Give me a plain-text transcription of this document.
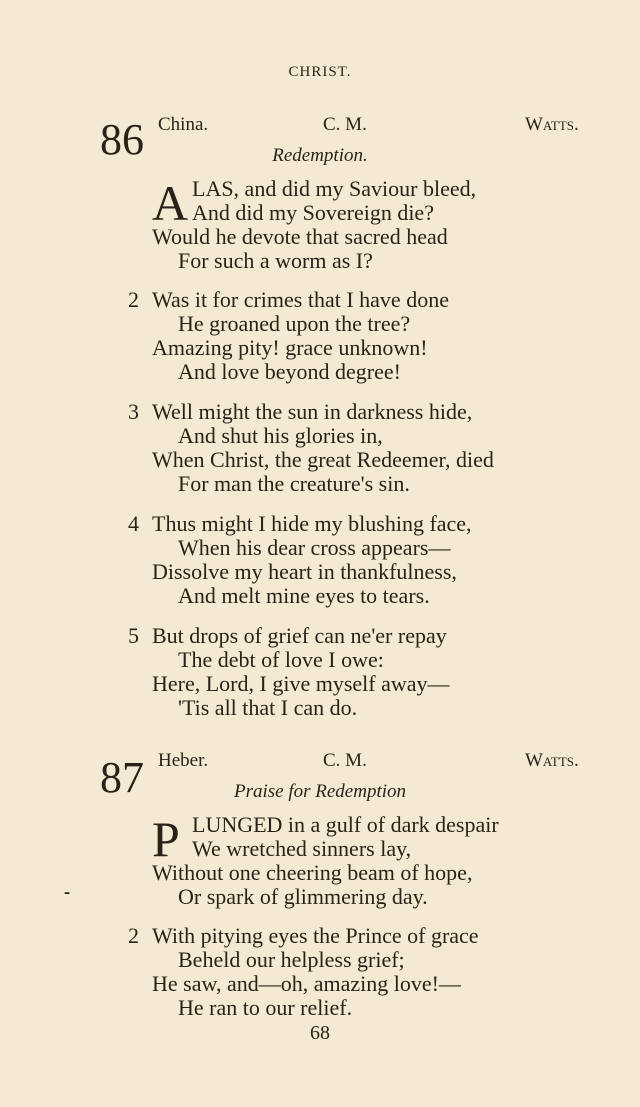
CHRIST.
86 China.	C. M.	Watts.
Redemption.
A LAS, and did my Saviour bleed,
And did my Sovereign die?
Would he devote that sacred head
For such a worm as I?
2 Was it for crimes that I have done
He groaned upon the tree?
Amazing pity! grace unknown!
And love beyond degree!
3 Well might the sun in darkness hide,
And shut his glories in,
When Christ, the great Redeemer, died
For man the creature's sin.
4 Thus might I hide my blushing face,
When his dear cross appears—
Dissolve my heart in thankfulness,
And melt mine eyes to tears.
5 But drops of grief can ne'er repay
The debt of love I owe:
Here, Lord, I give myself away—
'Tis all that I can do.
87 Heber.	C. M.	Watts.
Praise for Redemption
P LUNGED in a gulf of dark despair
We wretched sinners lay,
Without one cheering beam of hope,
Or spark of glimmering day.
⁃
2 With pitying eyes the Prince of grace
Beheld our helpless grief;
He saw, and—oh, amazing love!—
He ran to our relief.
68
